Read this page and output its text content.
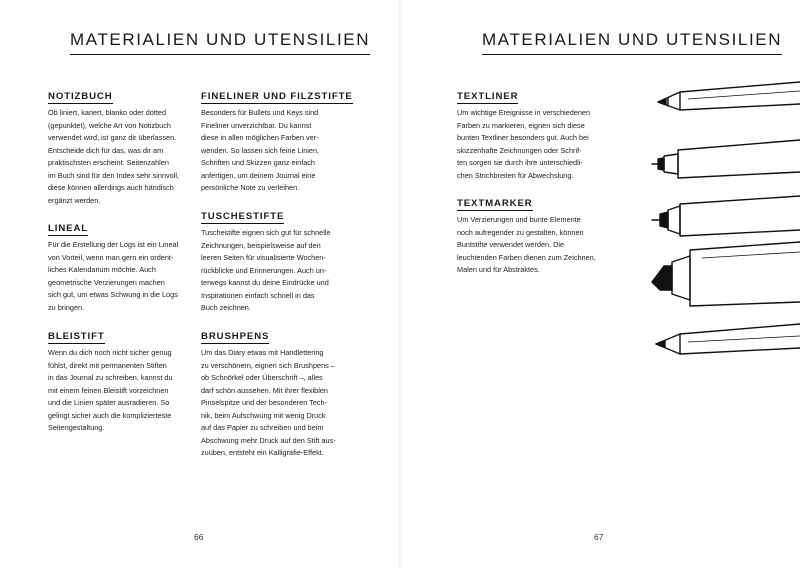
MATERIALIEN UND UTENSILIEN
NOTIZBUCH

Ob liniert, kariert, blanko oder dotted
(gepunktet), welche Art von Notizbuch
verwendet wird, ist ganz dir überlassen.
Entscheide dich für das, was dir am
praktischsten erscheint. Seitenzahlen
im Buch sind für den Index sehr sinnvoll,
diese können allerdings auch händisch
ergänzt werden.

LINEAL

Für die Erstellung der Logs ist ein Lineal
von Vorteil, wenn man gern ein ordent-
liches Kalendarium möchte. Auch
geometrische Verzierungen machen
sich gut, um etwas Schwung in die Logs
zu bringen.

BLEISTIFT

Wenn du dich noch nicht sicher genug
fühlst, direkt mit permanenten Stiften
in das Journal zu schreiben, kannst du
mit einem feinen Bleistift vorzeichnen
und die Linien später ausradieren. So
gelingt sicher auch die komplizierteste
Seitengestaltung.

FINELINER UND FILZSTIFTE

Besonders für Bullets und Keys sind
Fineliner unverzichtbar. Du kannst
diese in allen möglichen Farben ver-
wenden. So lassen sich feine Linien,
Schriften und Skizzen ganz einfach
anfertigen, um deinem Journal eine
persönliche Note zu verleihen.

TUSCHESTIFTE

Tuschestifte eignen sich gut für schnelle
Zeichnungen, beispielsweise auf den
leeren Seiten für visualisierte Wochen-
rückblicke und Erinnerungen. Auch un-
terwegs kannst du deine Eindrücke und
Inspirationen einfach schnell in das
Buch zeichnen.

BRUSHPENS

Um das Diary etwas mit Handlettering
zu verschönern, eignen sich Brushpens –
ob Schnörkel oder Überschrift –, alles
darf schön aussehen. Mit ihrer flexiblen
Pinselspitze und der besonderen Tech-
nik, beim Aufschwung mit wenig Druck
auf das Papier zu schreiben und beim
Abschwung mehr Druck auf den Stift aus-
zuüben, entsteht ein Kalligrafie-Effekt.

66
MATERIALIEN UND UTENSILIEN
TEXTLINER

Um wichtige Ereignisse in verschiedenen
Farben zu markieren, eignen sich diese
bunten Textliner besonders gut. Auch bei
skizzenhafte Zeichnungen oder Schrif-
ten sorgen sie durch ihre unterschiedli-
chen Strichbreiten für Abwechslung.

TEXTMARKER

Um Verzierungen und bunte Elemente
noch aufregender zu gestalten, können
Buntstifte verwendet werden. Die
leuchtenden Farben dienen zum Zeichnen,
Malen und für Abstraktes.

67
